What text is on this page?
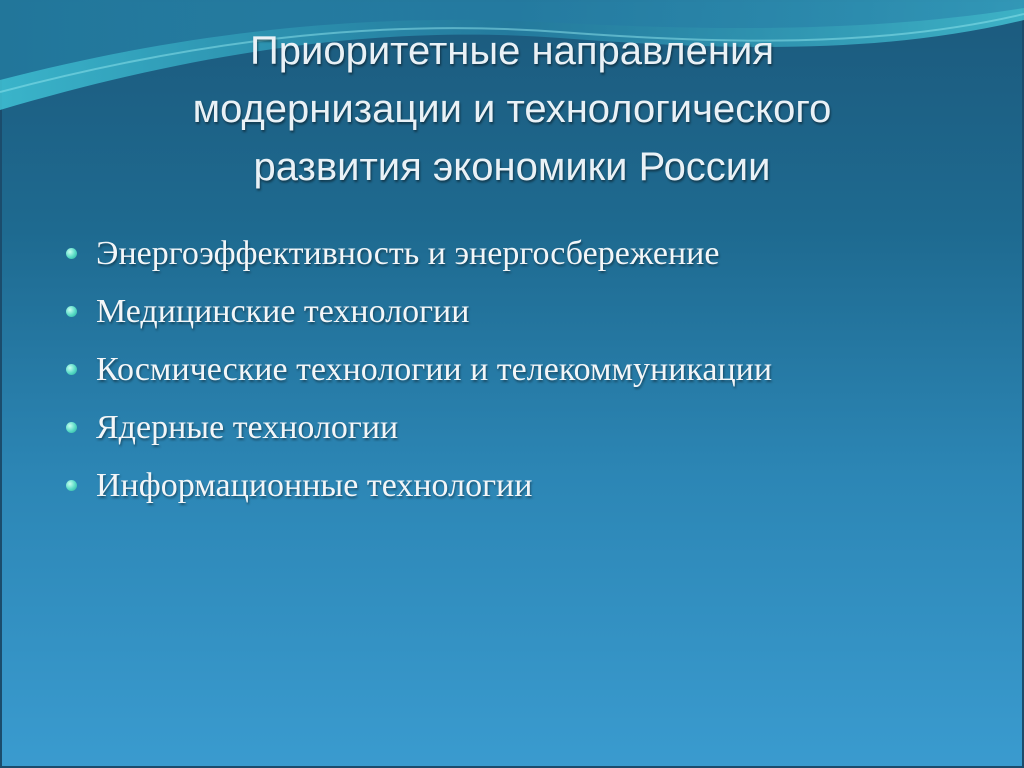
Приоритетные направления
модернизации и технологического
развития экономики России
Энергоэффективность и энергосбережение
Медицинские технологии
Космические технологии и телекоммуникации
Ядерные технологии
Информационные технологии
